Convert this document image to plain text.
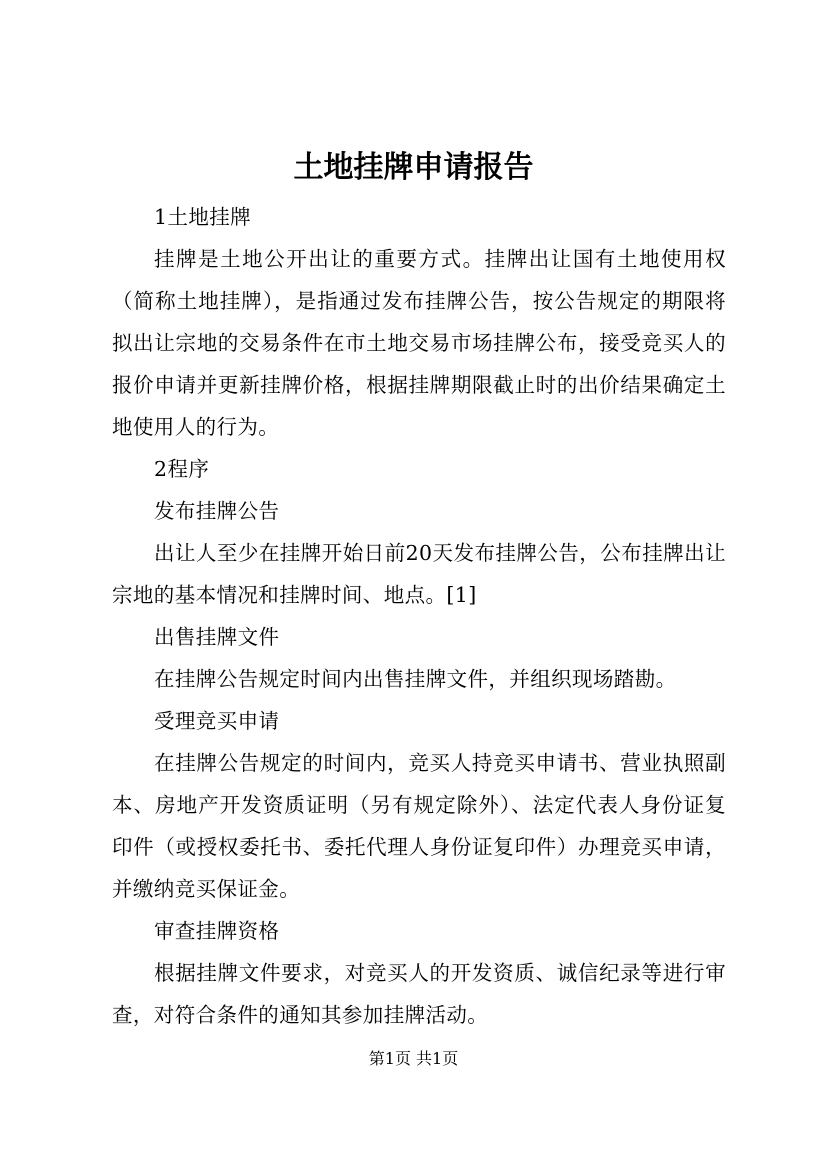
土地挂牌申请报告

1土地挂牌

挂牌是土地公开出让的重要方式。挂牌出让国有土地使用权（简称土地挂牌），是指通过发布挂牌公告，按公告规定的期限将拟出让宗地的交易条件在市土地交易市场挂牌公布，接受竞买人的报价申请并更新挂牌价格，根据挂牌期限截止时的出价结果确定土地使用人的行为。

2程序

发布挂牌公告

出让人至少在挂牌开始日前20天发布挂牌公告，公布挂牌出让宗地的基本情况和挂牌时间、地点。[1]

出售挂牌文件

在挂牌公告规定时间内出售挂牌文件，并组织现场踏勘。

受理竞买申请

在挂牌公告规定的时间内，竞买人持竞买申请书、营业执照副本、房地产开发资质证明（另有规定除外）、法定代表人身份证复印件（或授权委托书、委托代理人身份证复印件）办理竞买申请，并缴纳竞买保证金。

审查挂牌资格

根据挂牌文件要求，对竞买人的开发资质、诚信纪录等进行审查，对符合条件的通知其参加挂牌活动。

第1页 共1页
